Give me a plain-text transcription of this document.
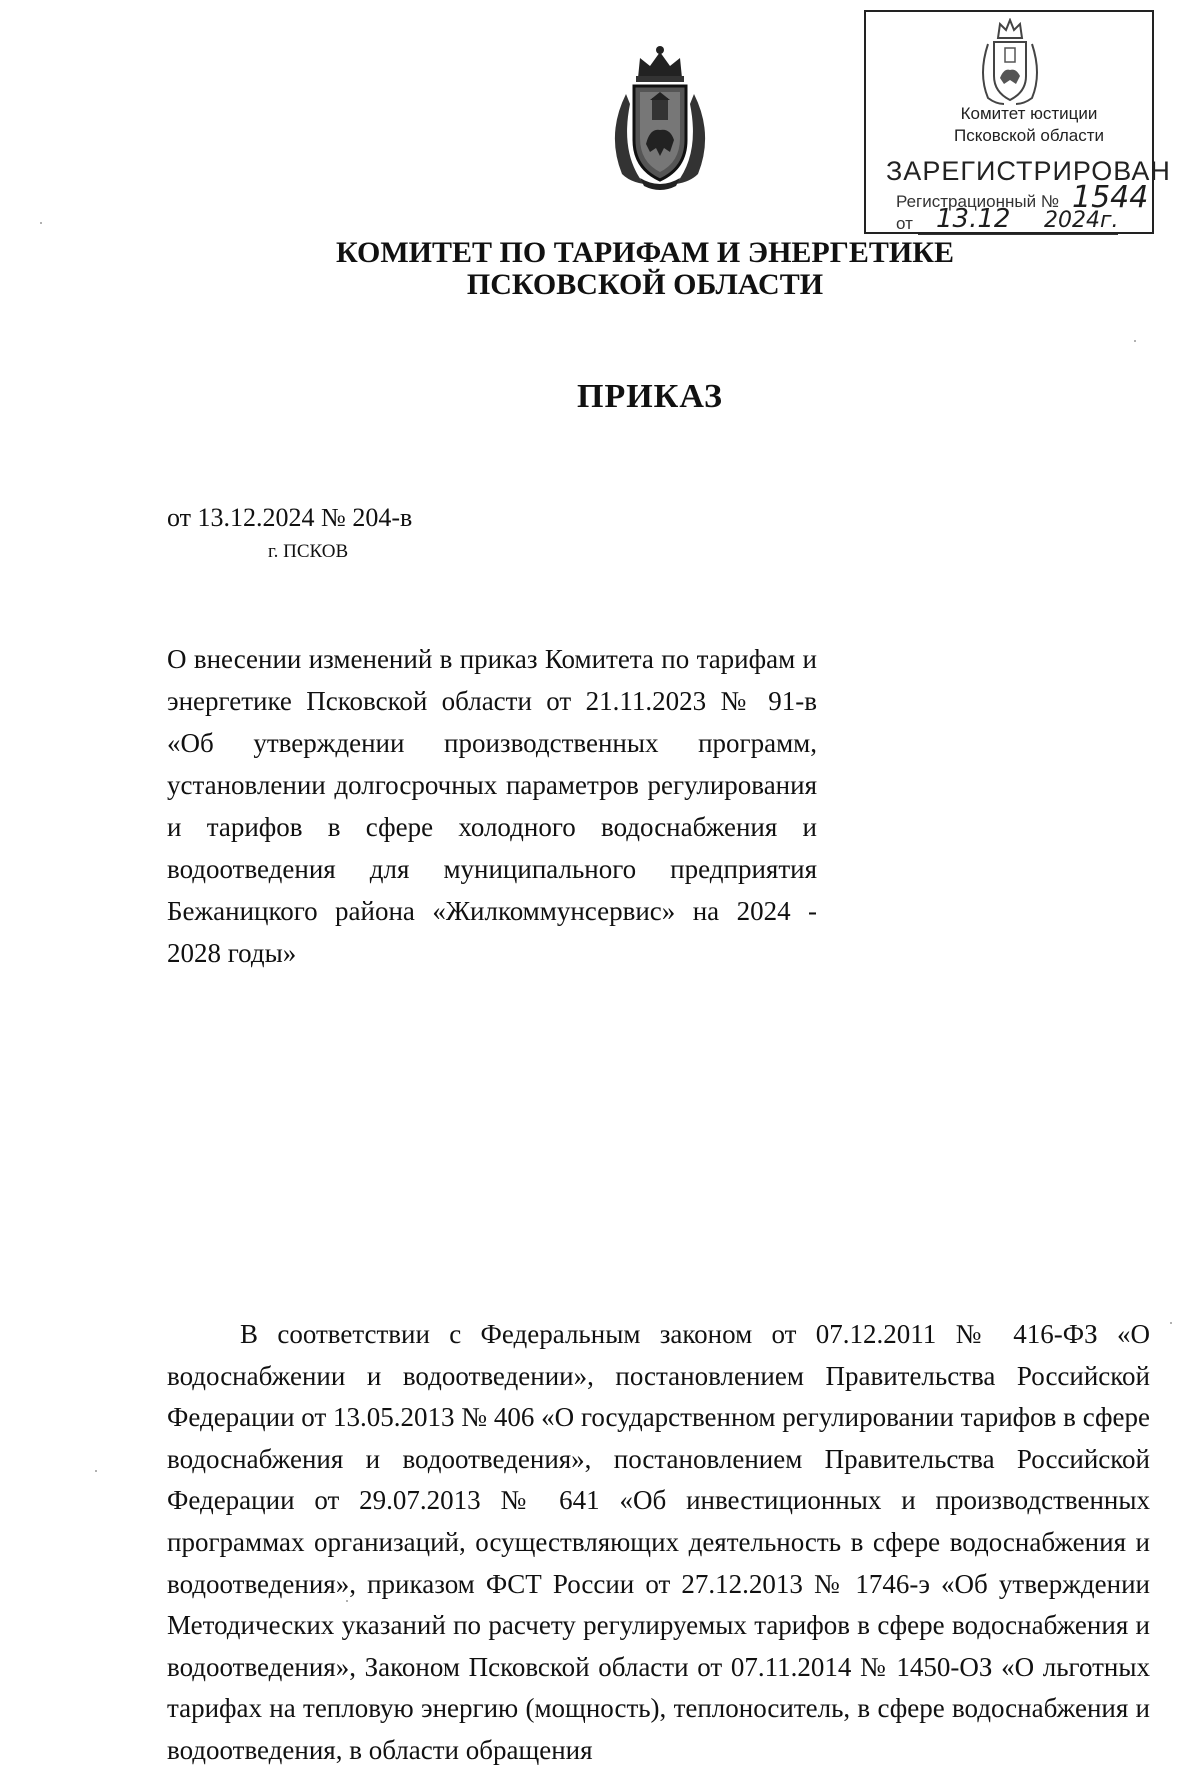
Комитет юстиции
Псковской области
ЗАРЕГИСТРИРОВАН
Регистрационный № 1544
от 13.12 2024г.
КОМИТЕТ ПО ТАРИФАМ И ЭНЕРГЕТИКЕ
ПСКОВСКОЙ ОБЛАСТИ
ПРИКАЗ
от 13.12.2024 № 204-в
г. ПСКОВ
О внесении изменений в приказ Комитета по тарифам и энергетике Псковской области от 21.11.2023 № 91-в «Об утверждении производственных программ, установлении долгосрочных параметров регулирования и тарифов в сфере холодного водоснабжения и водоотведения для муниципального предприятия Бежаницкого района «Жилкоммунсервис» на 2024 - 2028 годы»
В соответствии с Федеральным законом от 07.12.2011 № 416-ФЗ «О водоснабжении и водоотведении», постановлением Правительства Российской Федерации от 13.05.2013 № 406 «О государственном регулировании тарифов в сфере водоснабжения и водоотведения», постановлением Правительства Российской Федерации от 29.07.2013 № 641 «Об инвестиционных и производственных программах организаций, осуществляющих деятельность в сфере водоснабжения и водоотведения», приказом ФСТ России от 27.12.2013 № 1746-э «Об утверждении Методических указаний по расчету регулируемых тарифов в сфере водоснабжения и водоотведения», Законом Псковской области от 07.11.2014 № 1450-ОЗ «О льготных тарифах на тепловую энергию (мощность), теплоноситель, в сфере водоснабжения и водоотведения, в области обращения
